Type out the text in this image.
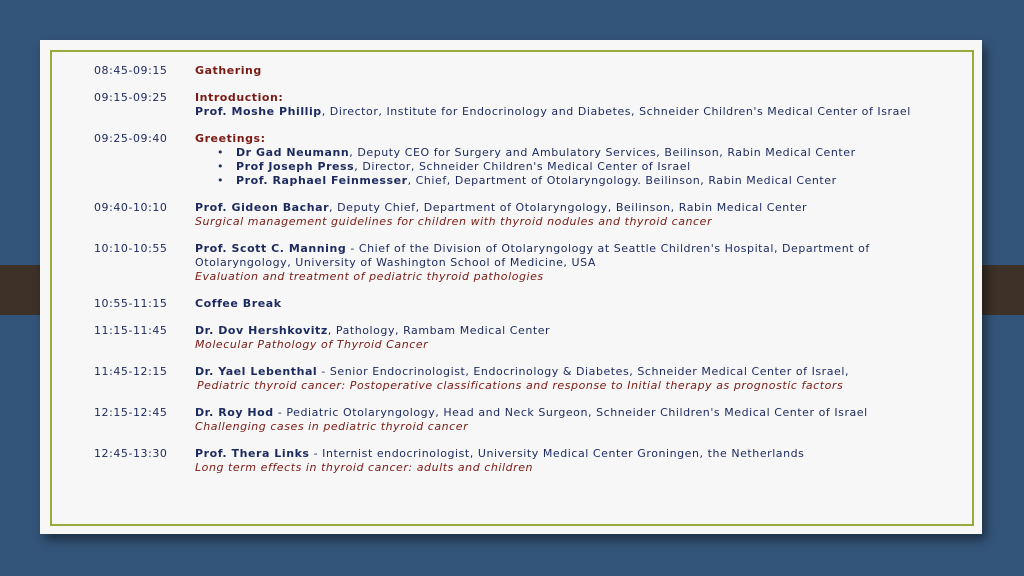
08:45-09:15	Gathering
09:15-09:25	Introduction:
Prof. Moshe Phillip, Director, Institute for Endocrinology and Diabetes, Schneider Children's Medical Center of Israel
09:25-09:40	Greetings:
• Dr Gad Neumann, Deputy CEO for Surgery and Ambulatory Services, Beilinson, Rabin Medical Center
• Prof Joseph Press, Director, Schneider Children's Medical Center of Israel
• Prof. Raphael Feinmesser, Chief, Department of Otolaryngology. Beilinson, Rabin Medical Center
09:40-10:10	Prof. Gideon Bachar, Deputy Chief, Department of Otolaryngology, Beilinson, Rabin Medical Center
Surgical management guidelines for children with thyroid nodules and thyroid cancer
10:10-10:55	Prof. Scott C. Manning - Chief of the Division of Otolaryngology at Seattle Children's Hospital, Department of Otolaryngology, University of Washington School of Medicine, USA
Evaluation and treatment of pediatric thyroid pathologies
10:55-11:15	Coffee Break
11:15-11:45	Dr. Dov Hershkovitz, Pathology, Rambam Medical Center
Molecular Pathology of Thyroid Cancer
11:45-12:15	Dr. Yael Lebenthal - Senior Endocrinologist, Endocrinology & Diabetes, Schneider Medical Center of Israel,
Pediatric thyroid cancer: Postoperative classifications and response to Initial therapy as prognostic factors
12:15-12:45	Dr. Roy Hod - Pediatric Otolaryngology, Head and Neck Surgeon, Schneider Children's Medical Center of Israel
Challenging cases in pediatric thyroid cancer
12:45-13:30	Prof. Thera Links - Internist endocrinologist, University Medical Center Groningen, the Netherlands
Long term effects in thyroid cancer: adults and children
